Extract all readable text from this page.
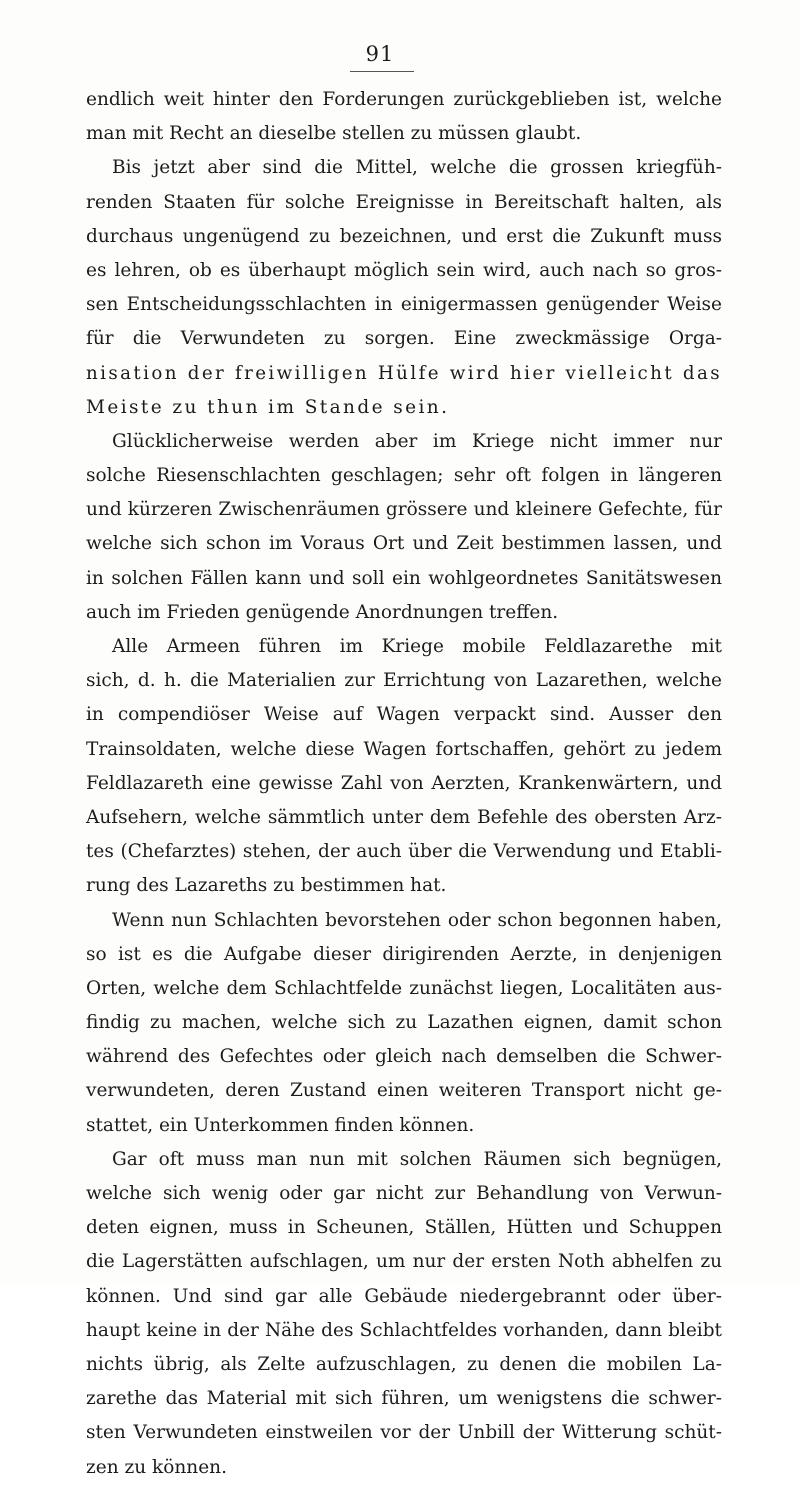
91
endlich weit hinter den Forderungen zurückgeblieben ist, welche
man mit Recht an dieselbe stellen zu müssen glaubt.
Bis jetzt aber sind die Mittel, welche die grossen kriegfüh-
renden Staaten für solche Ereignisse in Bereitschaft halten, als
durchaus ungenügend zu bezeichnen, und erst die Zukunft muss
es lehren, ob es überhaupt möglich sein wird, auch nach so gros-
sen Entscheidungsschlachten in einigermassen genügender Weise
für die Verwundeten zu sorgen. Eine zweckmässige Orga-
nisation der freiwilligen Hülfe wird hier vielleicht das
Meiste zu thun im Stande sein.
Glücklicherweise werden aber im Kriege nicht immer nur
solche Riesenschlachten geschlagen; sehr oft folgen in längeren
und kürzeren Zwischenräumen grössere und kleinere Gefechte, für
welche sich schon im Voraus Ort und Zeit bestimmen lassen, und
in solchen Fällen kann und soll ein wohlgeordnetes Sanitätswesen
auch im Frieden genügende Anordnungen treffen.
Alle Armeen führen im Kriege mobile Feldlazarethe mit
sich, d. h. die Materialien zur Errichtung von Lazarethen, welche
in compendiöser Weise auf Wagen verpackt sind. Ausser den
Trainsoldaten, welche diese Wagen fortschaffen, gehört zu jedem
Feldlazareth eine gewisse Zahl von Aerzten, Krankenwärtern, und
Aufsehern, welche sämmtlich unter dem Befehle des obersten Arz-
tes (Chefarztes) stehen, der auch über die Verwendung und Etabli-
rung des Lazareths zu bestimmen hat.
Wenn nun Schlachten bevorstehen oder schon begonnen haben,
so ist es die Aufgabe dieser dirigirenden Aerzte, in denjenigen
Orten, welche dem Schlachtfelde zunächst liegen, Localitäten aus-
findig zu machen, welche sich zu Lazathen eignen, damit schon
während des Gefechtes oder gleich nach demselben die Schwer-
verwundeten, deren Zustand einen weiteren Transport nicht ge-
stattet, ein Unterkommen finden können.
Gar oft muss man nun mit solchen Räumen sich begnügen,
welche sich wenig oder gar nicht zur Behandlung von Verwun-
deten eignen, muss in Scheunen, Ställen, Hütten und Schuppen
die Lagerstätten aufschlagen, um nur der ersten Noth abhelfen zu
können. Und sind gar alle Gebäude niedergebrannt oder über-
haupt keine in der Nähe des Schlachtfeldes vorhanden, dann bleibt
nichts übrig, als Zelte aufzuschlagen, zu denen die mobilen La-
zarethe das Material mit sich führen, um wenigstens die schwer-
sten Verwundeten einstweilen vor der Unbill der Witterung schüt-
zen zu können.
